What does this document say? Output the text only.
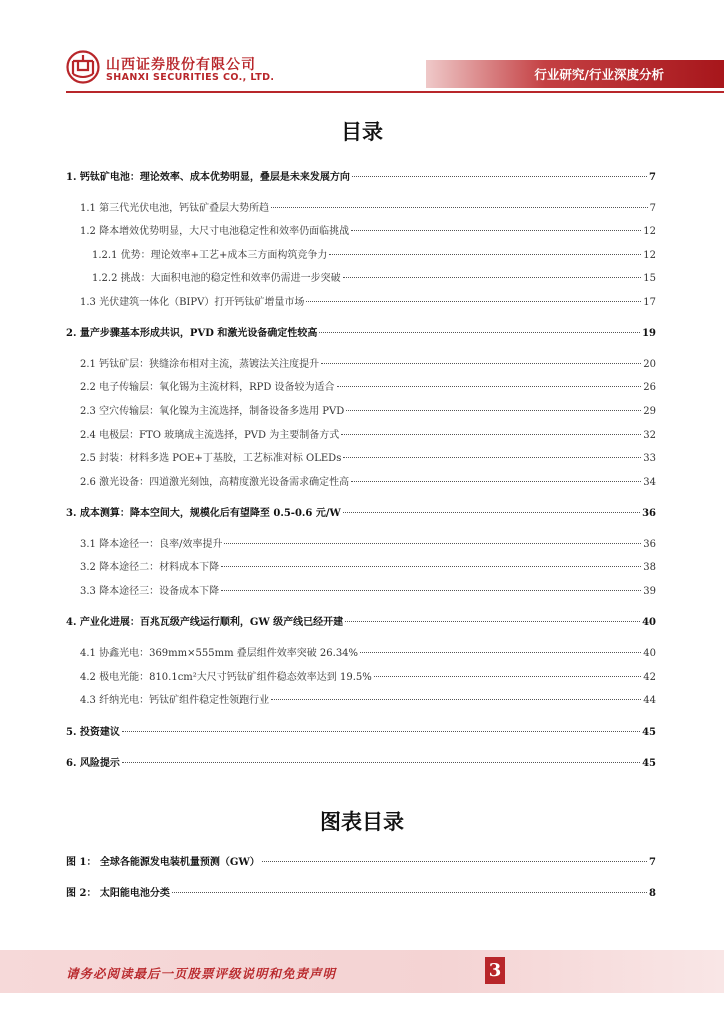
山西证券股份有限公司
SHANXI SECURITIES CO., LTD.	行业研究/行业深度分析
目录
1. 钙钛矿电池：理论效率、成本优势明显，叠层是未来发展方向	7
1.1 第三代光伏电池，钙钛矿叠层大势所趋	7
1.2 降本增效优势明显，大尺寸电池稳定性和效率仍面临挑战	12
1.2.1 优势：理论效率+工艺+成本三方面构筑竞争力	12
1.2.2 挑战：大面积电池的稳定性和效率仍需进一步突破	15
1.3 光伏建筑一体化（BIPV）打开钙钛矿增量市场	17
2. 量产步骤基本形成共识，PVD 和激光设备确定性较高	19
2.1 钙钛矿层：狭缝涂布相对主流，蒸镀法关注度提升	20
2.2 电子传输层：氧化锡为主流材料，RPD 设备较为适合	26
2.3 空穴传输层：氧化镍为主流选择，制备设备多选用 PVD	29
2.4 电极层：FTO 玻璃成主流选择，PVD 为主要制备方式	32
2.5 封装：材料多选 POE+丁基胶，工艺标准对标 OLEDs	33
2.6 激光设备：四道激光刻蚀，高精度激光设备需求确定性高	34
3. 成本测算：降本空间大，规模化后有望降至 0.5-0.6 元/W	36
3.1 降本途径一：良率/效率提升	36
3.2 降本途径二：材料成本下降	38
3.3 降本途径三：设备成本下降	39
4. 产业化进展：百兆瓦级产线运行顺利，GW 级产线已经开建	40
4.1 协鑫光电：369mm×555mm 叠层组件效率突破 26.34%	40
4.2 极电光能：810.1cm²大尺寸钙钛矿组件稳态效率达到 19.5%	42
4.3 纤纳光电：钙钛矿组件稳定性领跑行业	44
5. 投资建议	45
6. 风险提示	45
图表目录
图 1： 全球各能源发电装机量预测（GW）	7
图 2： 太阳能电池分类	8
请务必阅读最后一页股票评级说明和免责声明	3
